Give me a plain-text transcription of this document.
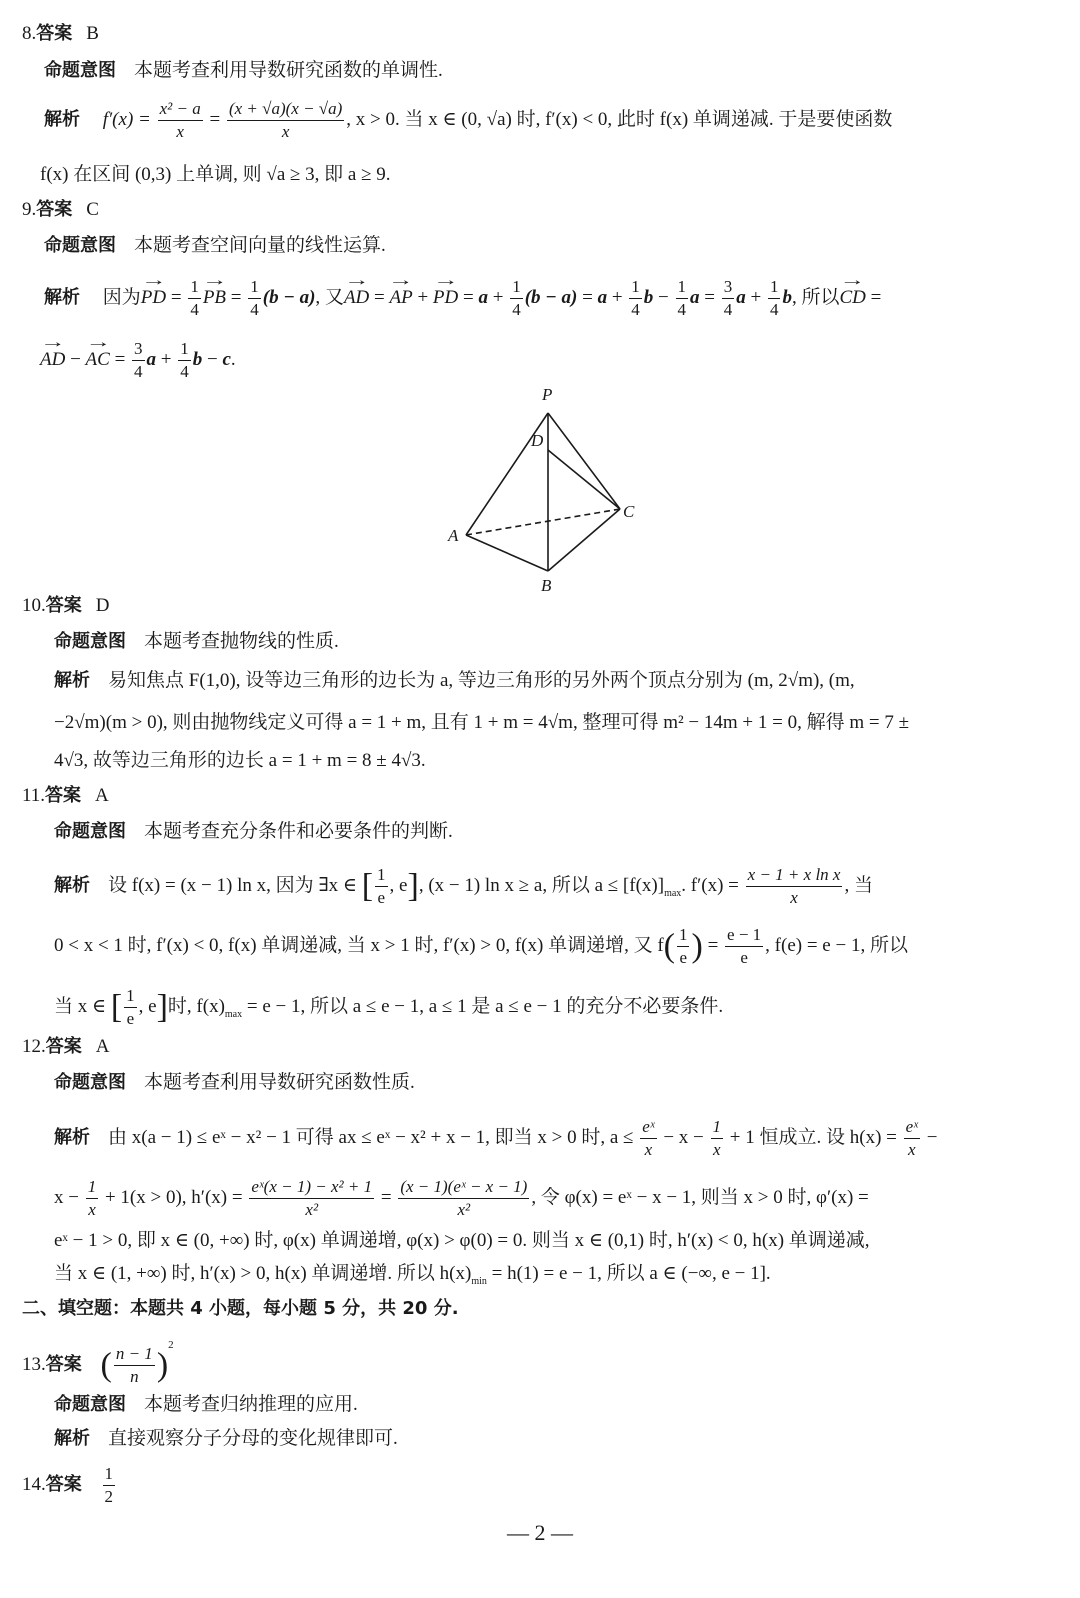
8.答案 B
命题意图 本题考查利用导数研究函数的单调性.
解析 $f'(x) = \frac{\text{x² − a}}{x} = \frac{(x + √a)(x - √a)}{x}$ , x > 0. 当 x ∈ (0, √a) 时, f′(x) < 0, 此时 f(x) 单调递减. 于是要使函数
f(x) 在区间 (0,3) 上单调, 则 √a ≥ 3, 即 a ≥ 9.
9.答案 C
命题意图 本题考查空间向量的线性运算.
解析 因为→ PD = $\frac{1}{4}$ → PB = $\frac{1}{4} (b - a)$, 又→ AD = → AP + → PD = $a + \frac{1}{4} (b - a) = a + \frac{1}{4}$ $b - \frac{1}{4}$ $a = \frac{3}{4}$ $a + \frac{1}{4} b$, 所以→ CD =
→ AD − → AC = $\frac{3}{4}$ $a + \frac{1}{4}$ b − c.
P
D
A
B
C
10.答案 D
命题意图 本题考查抛物线的性质.
解析 易知焦点 F(1,0), 设等边三角形的边长为 a, 等边三角形的另外两个顶点分别为 (m, 2√m), (m,
−2√m)(m > 0), 则由抛物线定义可得 a = 1 + m, 且有 1 + m = 4√m, 整理可得 m² − 14m + 1 = 0, 解得 m = 7 ±
4√3, 故等边三角形的边长 a = 1 + m = 8 ± 4√3.
11.答案 A
命题意图 本题考查充分条件和必要条件的判断.
解析 设 f(x) = (x − 1) ln x, 因为 ∃x ∈ [ $\frac{1}{e}$ , e], (x − 1) ln x ≥ a, 所以 $a \le [f(x)]_{max}$. $f'(x) = \frac{\text{x − 1 + x ln x}}{x}$ , 当
0 < x < 1 时, f′(x) < 0, f(x) 单调递减, 当 x > 1 时, f′(x) > 0, f(x) 单调递增, 又 $f( \frac{1}{e}$ ) = $\frac{e - 1}{e}$ , f(e) = e − 1, 所以
当 x ∈ [ $\frac{1}{e}$ , e]时, $f(x)_{max} = e - 1$, 所以 a ≤ e − 1, a ≤ 1 是 a ≤ e − 1 的充分不必要条件.
12.答案 A
命题意图 本题考查利用导数研究函数性质.
解析 由 x(a − 1) ≤ eˣ − x² − 1 可得 ax ≤ eˣ − x² + x − 1, 即当 x > 0 时, $a \le \frac{\text{eˣ}}{x} - x - \frac{1}{x} + 1$ 恒成立. 设 $h(x) = \frac{\text{eˣ}}{x}$ −
$x - \frac{1}{x} + 1(x > 0)$, $h'(x) = \frac{\text{eˣ(x − 1) − x² + 1}}{\text{x²}} = \frac{\text{(x − 1)(eˣ − x − 1)}}{\text{x²}}$ , 令 φ(x) = eˣ − x − 1, 则当 x > 0 时, φ′(x) =
eˣ − 1 > 0, 即 x ∈ (0, +∞) 时, φ(x) 单调递增, φ(x) > φ(0) = 0. 则当 x ∈ (0,1) 时, h′(x) < 0, h(x) 单调递减,
当 x ∈ (1, +∞) 时, h′(x) > 0, h(x) 单调递增. 所以 $h(x)_{min} = h(1) = e - 1$, 所以 a ∈ (−∞, e − 1].
二、填空题：本题共 4 小题，每小题 5 分，共 20 分.
13.答案 ( $\frac{n - 1}{n} )^2$
命题意图 本题考查归纳推理的应用.
解析 直接观察分子分母的变化规律即可.
14.答案 $\frac{1}{2}$
— 2 —
